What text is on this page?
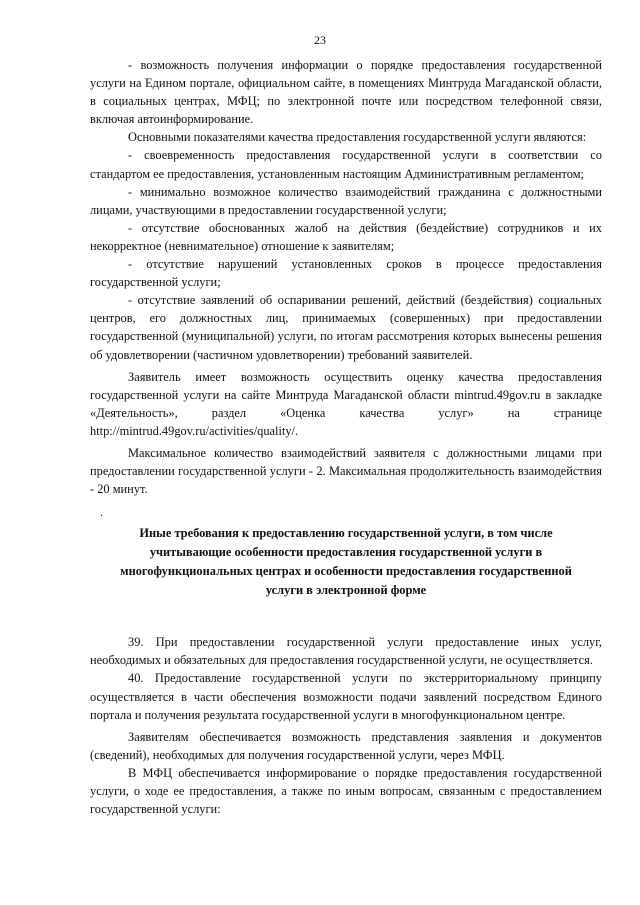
23

- возможность получения информации о порядке предоставления государственной услуги на Едином портале, официальном сайте, в помещениях Минтруда Магаданской области, в социальных центрах, МФЦ; по электронной почте или посредством телефонной связи, включая автоинформирование.

Основными показателями качества предоставления государственной услуги являются:

- своевременность предоставления государственной услуги в соответствии со стандартом ее предоставления, установленным настоящим Административным регламентом;

- минимально возможное количество взаимодействий гражданина с должностными лицами, участвующими в предоставлении государственной услуги;

- отсутствие обоснованных жалоб на действия (бездействие) сотрудников и их некорректное (невнимательное) отношение к заявителям;

- отсутствие нарушений установленных сроков в процессе предоставления государственной услуги;

- отсутствие заявлений об оспаривании решений, действий (бездействия) социальных центров, его должностных лиц, принимаемых (совершенных) при предоставлении государственной (муниципальной) услуги, по итогам рассмотрения которых вынесены решения об удовлетворении (частичном удовлетворении) требований заявителей.

Заявитель имеет возможность осуществить оценку качества предоставления государственной услуги на сайте Минтруда Магаданской области mintrud.49gov.ru в закладке «Деятельность», раздел «Оценка качества услуг» на странице http://mintrud.49gov.ru/activities/quality/.

Максимальное количество взаимодействий заявителя с должностными лицами при предоставлении государственной услуги - 2. Максимальная продолжительность взаимодействия - 20 минут.

.
Иные требования к предоставлению государственной услуги, в том числе учитывающие особенности предоставления государственной услуги в многофункциональных центрах и особенности предоставления государственной услуги в электронной форме

39. При предоставлении государственной услуги предоставление иных услуг, необходимых и обязательных для предоставления государственной услуги, не осуществляется.

40. Предоставление государственной услуги по экстерриториальному принципу осуществляется в части обеспечения возможности подачи заявлений посредством Единого портала и получения результата государственной услуги в многофункциональном центре.

Заявителям обеспечивается возможность представления заявления и документов (сведений), необходимых для получения государственной услуги, через МФЦ.

В МФЦ обеспечивается информирование о порядке предоставления государственной услуги, о ходе ее предоставления, а также по иным вопросам, связанным с предоставлением государственной услуги:
